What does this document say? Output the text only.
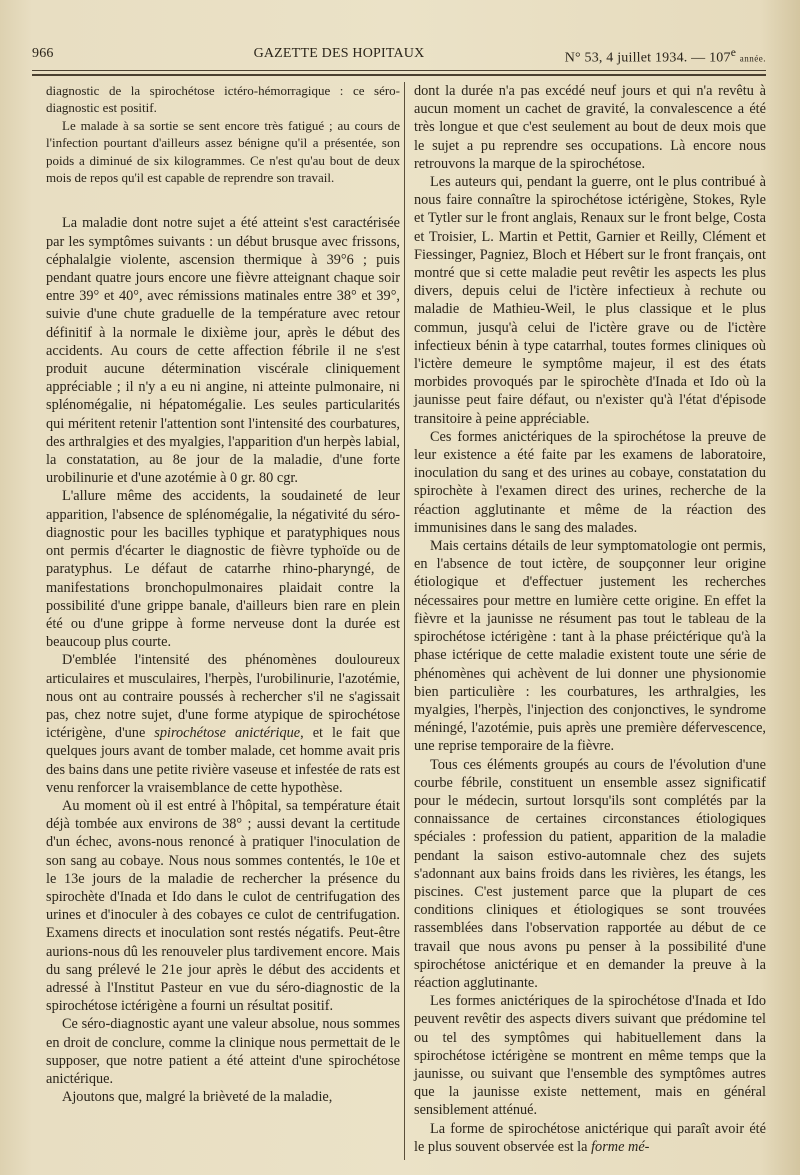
966	GAZETTE DES HOPITAUX	N° 53, 4 juillet 1934. — 107e année.

diagnostic de la spirochétose ictéro-hémorragique : ce séro-diagnostic est positif.

Le malade à sa sortie se sent encore très fatigué ; au cours de l'infection pourtant d'ailleurs assez bénigne qu'il a présentée, son poids a diminué de six kilogrammes. Ce n'est qu'au bout de deux mois de repos qu'il est capable de reprendre son travail.

La maladie dont notre sujet a été atteint s'est caractérisée par les symptômes suivants : un début brusque avec frissons, céphalalgie violente, ascension thermique à 39°6 ; puis pendant quatre jours encore une fièvre atteignant chaque soir entre 39° et 40°, avec rémissions matinales entre 38° et 39°, suivie d'une chute graduelle de la température avec retour définitif à la normale le dixième jour, après le début des accidents. Au cours de cette affection fébrile il ne s'est produit aucune détermination viscérale cliniquement appréciable ; il n'y a eu ni angine, ni atteinte pulmonaire, ni splénomégalie, ni hépatomégalie. Les seules particularités qui méritent retenir l'attention sont l'intensité des courbatures, des arthralgies et des myalgies, l'apparition d'un herpès labial, la constatation, au 8e jour de la maladie, d'une forte urobilinurie et d'une azotémie à 0 gr. 80 cgr.

L'allure même des accidents, la soudaineté de leur apparition, l'absence de splénomégalie, la négativité du séro-diagnostic pour les bacilles typhique et paratyphiques nous ont permis d'écarter le diagnostic de fièvre typhoïde ou de paratyphus. Le défaut de catarrhe rhino-pharyngé, de manifestations bronchopulmonaires plaidait contre la possibilité d'une grippe banale, d'ailleurs bien rare en plein été ou d'une grippe à forme nerveuse dont la durée est beaucoup plus courte.

D'emblée l'intensité des phénomènes douloureux articulaires et musculaires, l'herpès, l'urobilinurie, l'azotémie, nous ont au contraire poussés à rechercher s'il ne s'agissait pas, chez notre sujet, d'une forme atypique de spirochétose ictérigène, d'une spirochétose anictérique, et le fait que quelques jours avant de tomber malade, cet homme avait pris des bains dans une petite rivière vaseuse et infestée de rats est venu renforcer la vraisemblance de cette hypothèse.

Au moment où il est entré à l'hôpital, sa température était déjà tombée aux environs de 38° ; aussi devant la certitude d'un échec, avons-nous renoncé à pratiquer l'inoculation de son sang au cobaye. Nous nous sommes contentés, le 10e et le 13e jours de la maladie de rechercher la présence du spirochète d'Inada et Ido dans le culot de centrifugation des urines et d'inoculer à des cobayes ce culot de centrifugation. Examens directs et inoculation sont restés négatifs. Peut-être aurions-nous dû les renouveler plus tardivement encore. Mais du sang prélevé le 21e jour après le début des accidents et adressé à l'Institut Pasteur en vue du séro-diagnostic de la spirochétose ictérigène a fourni un résultat positif.

Ce séro-diagnostic ayant une valeur absolue, nous sommes en droit de conclure, comme la clinique nous permettait de le supposer, que notre patient a été atteint d'une spirochétose anictérique.

Ajoutons que, malgré la brièveté de la maladie,

dont la durée n'a pas excédé neuf jours et qui n'a revêtu à aucun moment un cachet de gravité, la convalescence a été très longue et que c'est seulement au bout de deux mois que le sujet a pu reprendre ses occupations. Là encore nous retrouvons la marque de la spirochétose.

Les auteurs qui, pendant la guerre, ont le plus contribué à nous faire connaître la spirochétose ictérigène, Stokes, Ryle et Tytler sur le front anglais, Renaux sur le front belge, Costa et Troisier, L. Martin et Pettit, Garnier et Reilly, Clément et Fiessinger, Pagniez, Bloch et Hébert sur le front français, ont montré que si cette maladie peut revêtir les aspects les plus divers, depuis celui de l'ictère infectieux à rechute ou maladie de Mathieu-Weil, le plus classique et le plus commun, jusqu'à celui de l'ictère grave ou de l'ictère infectieux bénin à type catarrhal, toutes formes cliniques où l'ictère demeure le symptôme majeur, il est des états morbides provoqués par le spirochète d'Inada et Ido où la jaunisse peut faire défaut, ou n'exister qu'à l'état d'épisode transitoire à peine appréciable.

Ces formes anictériques de la spirochétose la preuve de leur existence a été faite par les examens de laboratoire, inoculation du sang et des urines au cobaye, constatation du spirochète à l'examen direct des urines, recherche de la réaction agglutinante et même de la réaction des immunisines dans le sang des malades.

Mais certains détails de leur symptomatologie ont permis, en l'absence de tout ictère, de soupçonner leur origine étiologique et d'effectuer justement les recherches nécessaires pour mettre en lumière cette origine. En effet la fièvre et la jaunisse ne résument pas tout le tableau de la spirochétose ictérigène : tant à la phase préictérique qu'à la phase ictérique de cette maladie existent toute une série de phénomènes qui achèvent de lui donner une physionomie bien particulière : les courbatures, les arthralgies, les myalgies, l'herpès, l'injection des conjonctives, le syndrome méningé, l'azotémie, puis après une première défervescence, une reprise temporaire de la fièvre.

Tous ces éléments groupés au cours de l'évolution d'une courbe fébrile, constituent un ensemble assez significatif pour le médecin, surtout lorsqu'ils sont complétés par la connaissance de certaines circonstances étiologiques spéciales : profession du patient, apparition de la maladie pendant la saison estivo-automnale chez des sujets s'adonnant aux bains froids dans les rivières, les étangs, les piscines. C'est justement parce que la plupart de ces conditions cliniques et étiologiques se sont trouvées rassemblées dans l'observation rapportée au début de ce travail que nous avons pu penser à la possibilité d'une spirochétose anictérique et en demander la preuve à la réaction agglutinante.

Les formes anictériques de la spirochétose d'Inada et Ido peuvent revêtir des aspects divers suivant que prédomine tel ou tel des symptômes qui habituellement dans la spirochétose ictérigène se montrent en même temps que la jaunisse, ou suivant que l'ensemble des symptômes autres que la jaunisse existe nettement, mais en général sensiblement atténué.

La forme de spirochétose anictérique qui paraît avoir été le plus souvent observée est la forme mé-
